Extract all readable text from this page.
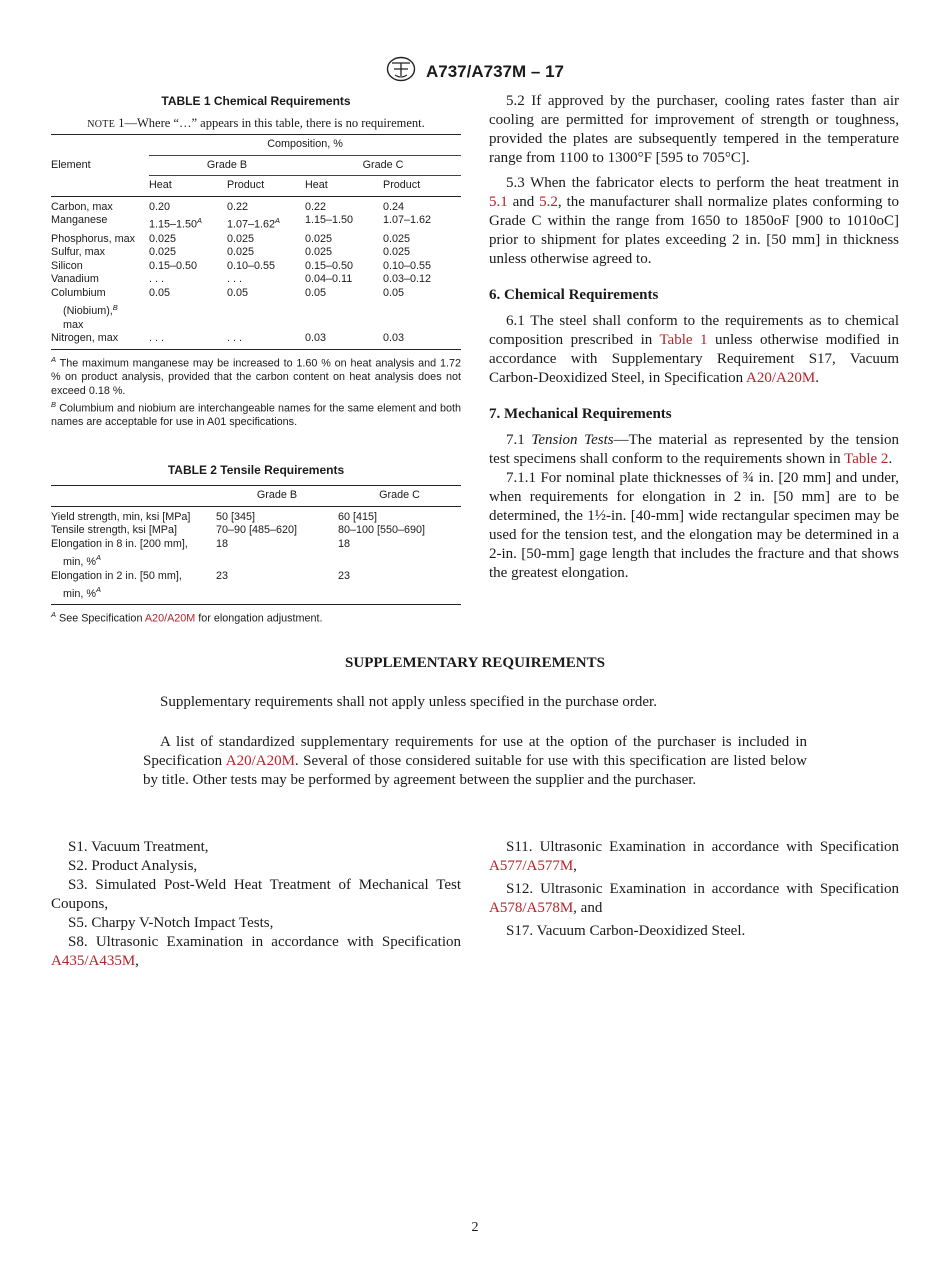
A737/A737M – 17
TABLE 1 Chemical Requirements
NOTE 1—Where “…” appears in this table, there is no requirement.
Element	Composition, %			
	Grade B		Grade C	
	Heat	Product	Heat	Product
Carbon, max	0.20	0.22	0.22	0.24
Manganese	$1.15-1.50^A$	$1.07-1.62^A$	1.15–1.50	1.07–1.62
Phosphorus, max	0.025	0.025	0.025	0.025
Sulfur, max	0.025	0.025	0.025	0.025
Silicon	0.15–0.50	0.10–0.55	0.15–0.50	0.10–0.55
Vanadium	. . .	. . .	0.04–0.11	0.03–0.12
Columbium
(Niobium),$^B$
max	0.05	0.05	0.05	0.05
Nitrogen, max	. . .	. . .	0.03	0.03
$^A$ The maximum manganese may be increased to 1.60 % on heat analysis and 1.72 % on product analysis, provided that the carbon content on heat analysis does not exceed 0.18 %.
$^B$ Columbium and niobium are interchangeable names for the same element and both names are acceptable for use in A01 specifications.
TABLE 2 Tensile Requirements
	Grade B	Grade C
Yield strength, min, ksi [MPa]	50 [345]	60 [415]
Tensile strength, ksi [MPa]	70–90 [485–620]	80–100 [550–690]
Elongation in 8 in. [200 mm],
min, %$^A$	18	18
Elongation in 2 in. [50 mm],
min, %$^A$	23	23
$^A$ See Specification A20/A20M for elongation adjustment.

5.2 If approved by the purchaser, cooling rates faster than air cooling are permitted for improvement of strength or toughness, provided the plates are subsequently tempered in the temperature range from 1100 to 1300°F [595 to 705°C].

5.3 When the fabricator elects to perform the heat treatment in 5.1 and 5.2, the manufacturer shall normalize plates conforming to Grade C within the range from 1650 to 1850oF [900 to 1010oC] prior to shipment for plates exceeding 2 in. [50 mm] in thickness unless otherwise agreed to.

6. Chemical Requirements

6.1 The steel shall conform to the requirements as to chemical composition prescribed in Table 1 unless otherwise modified in accordance with Supplementary Requirement S17, Vacuum Carbon-Deoxidized Steel, in Specification A20/A20M.

7. Mechanical Requirements

7.1 Tension Tests—The material as represented by the tension test specimens shall conform to the requirements shown in Table 2.

7.1.1 For nominal plate thicknesses of ¾ in. [20 mm] and under, when requirements for elongation in 2 in. [50 mm] are to be determined, the 1½-in. [40-mm] wide rectangular specimen may be used for the tension test, and the elongation may be determined in a 2-in. [50-mm] gage length that includes the fracture and that shows the greatest elongation.

SUPPLEMENTARY REQUIREMENTS
Supplementary requirements shall not apply unless specified in the purchase order.
A list of standardized supplementary requirements for use at the option of the purchaser is included in Specification A20/A20M. Several of those considered suitable for use with this specification are listed below by title. Other tests may be performed by agreement between the supplier and the purchaser.
S1. Vacuum Treatment,
S2. Product Analysis,
S3. Simulated Post-Weld Heat Treatment of Mechanical Test Coupons,
S5. Charpy V-Notch Impact Tests,
S8. Ultrasonic Examination in accordance with Specification A435/A435M,
S11. Ultrasonic Examination in accordance with Specification A577/A577M,
S12. Ultrasonic Examination in accordance with Specification A578/A578M, and
S17. Vacuum Carbon-Deoxidized Steel.
2
